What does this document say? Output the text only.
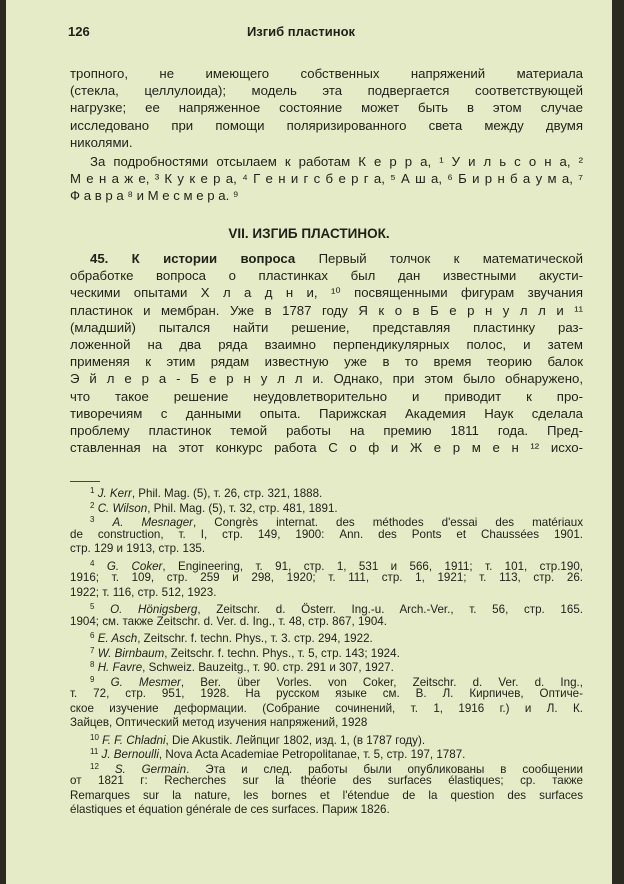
126	Изгиб пластинок
тропного, не имеющего собственных напряжений материала
(стекла, целлулоида); модель эта подвергается соответствующей
нагрузке; ее напряженное состояние может быть в этом случае
исследовано при помощи поляризированного света между двумя
николями.
За подробностями отсылаем к работам К е р р а, ¹ У и л ь с о н а, ²
М е н а ж е, ³ К у к е р а, ⁴ Г е н и г с б е р г а, ⁵ А ш а, ⁶ Б и р н б а у м а, ⁷
Ф а в р а ⁸ и М е с м е р а. ⁹
VII. ИЗГИБ ПЛАСТИНОК.
45. К истории вопроса Первый толчок к математической
обработке вопроса о пластинках был дан известными акусти-
ческими опытами Х л а д н и, ¹⁰ посвященными фигурам звучания
пластинок и мембран. Уже в 1787 году Я к о в Б е р н у л л и ¹¹
(младший) пытался найти решение, представляя пластинку раз-
ложенной на два ряда взаимно перпендикулярных полос, и затем
применяя к этим рядам известную уже в то время теорию балок
Э й л е р а - Б е р н у л л и. Однако, при этом было обнаружено,
что такое решение неудовлетворительно и приводит к про-
тиворечиям с данными опыта. Парижская Академия Наук сделала
проблему пластинок темой работы на премию 1811 года. Пред-
ставленная на этот конкурс работа С о ф и Ж е р м е н ¹² исхо-
$^1$ J. Kerr, Phil. Mag. (5), т. 26, стр. 321, 1888.
$^2$ C. Wilson, Phil. Mag. (5), т. 32, стр. 481, 1891.
$^3$ A. Mesnager, Congrès internat. des méthodes d'essai des matériaux
de construction, т. I, стр. 149, 1900: Ann. des Ponts et Chaussées 1901.
стр. 129 и 1913, стр. 135.
$^4$ G. Coker, Engineering, т. 91, стр. 1, 531 и 566, 1911; т. 101, стр.190,
1916; т. 109, стр. 259 и 298, 1920; т. 111, стр. 1, 1921; т. 113, стр. 26.
1922; т. 116, стр. 512, 1923.
$^5$ O. Hönigsberg, Zeitschr. d. Österr. Ing.-u. Arch.-Ver., т. 56, стр. 165.
1904; см. также Zeitschr. d. Ver. d. Ing., т. 48, стр. 867, 1904.
$^6$ E. Asch, Zeitschr. f. techn. Phys., т. 3. стр. 294, 1922.
$^7$ W. Birnbaum, Zeitschr. f. techn. Phys., т. 5, стр. 143; 1924.
$^8$ H. Favre, Schweiz. Bauzeitg., т. 90. стр. 291 и 307, 1927.
$^9$ G. Mesmer, Ber. über Vorles. von Coker, Zeitschr. d. Ver. d. Ing.,
т. 72, стр. 951, 1928. На русском языке см. В. Л. Кирпичев, Оптиче-
ское изучение деформации. (Собрание сочинений, т. 1, 1916 г.) и Л. К.
Зайцев, Оптический метод изучения напряжений, 1928
$^{10}$ F. F. Chladni, Die Akustik. Лейпциг 1802, изд. 1, (в 1787 году).
$^{11}$ J. Bernoulli, Nova Acta Academiae Petropolitanae, т. 5, стр. 197, 1787.
$^{12}$ S. Germain. Эта и след. работы были опубликованы в сообщении
от 1821 г: Recherches sur la théorie des surfaces élastiques; ср. также
Remarques sur la nature, les bornes et l'étendue de la question des surfaces
élastiques et équation générale de ces surfaces. Париж 1826.
